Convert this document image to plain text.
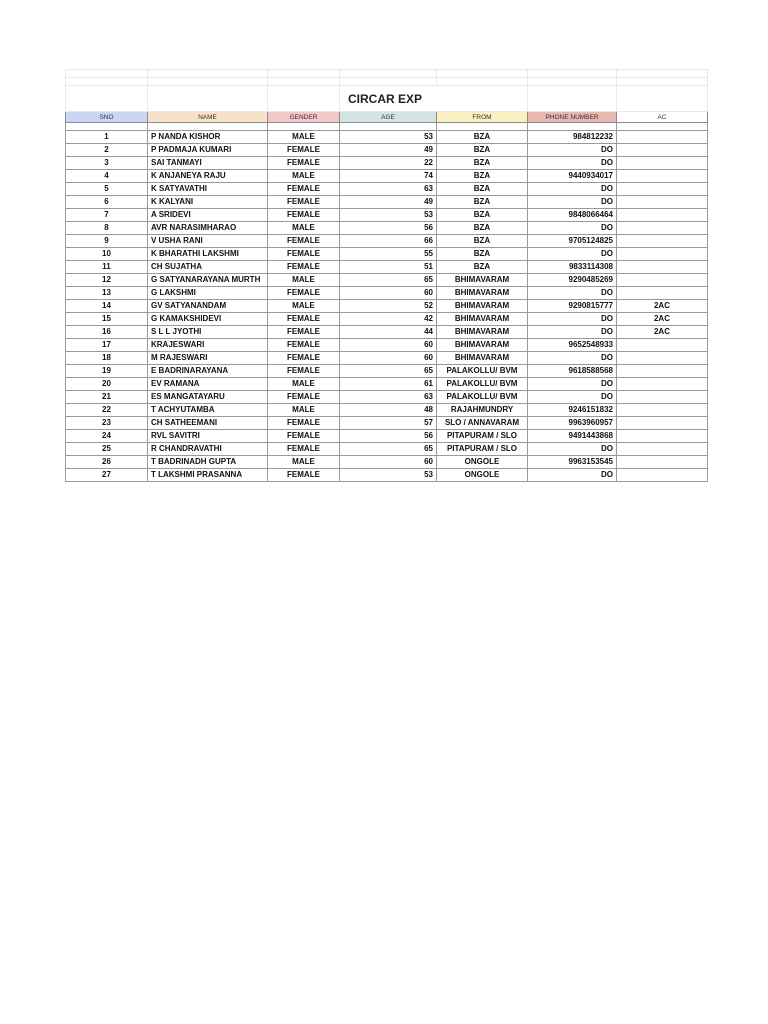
			CIRCAR EXP			
SNO	NAME	GENDER	AGE	FROM	PHONE NUMBER	AC

1	P NANDA KISHOR	MALE	53	BZA	984812232	
2	P PADMAJA KUMARI	FEMALE	49	BZA	DO	
3	SAI TANMAYI	FEMALE	22	BZA	DO	
4	K ANJANEYA RAJU	MALE	74	BZA	9440934017	
5	K SATYAVATHI	FEMALE	63	BZA	DO	
6	K KALYANI	FEMALE	49	BZA	DO	
7	A SRIDEVI	FEMALE	53	BZA	9848066464	
8	AVR NARASIMHARAO	MALE	56	BZA	DO	
9	V USHA RANI	FEMALE	66	BZA	9705124825	
10	K BHARATHI LAKSHMI	FEMALE	55	BZA	DO	
11	CH SUJATHA	FEMALE	51	BZA	9833114308	
12	G SATYANARAYANA MURTH	MALE	65	BHIMAVARAM	9290485269	
13	G LAKSHMI	FEMALE	60	BHIMAVARAM	DO	
14	GV SATYANANDAM	MALE	52	BHIMAVARAM	9290815777	2AC
15	G KAMAKSHIDEVI	FEMALE	42	BHIMAVARAM	DO	2AC
16	S L L JYOTHI	FEMALE	44	BHIMAVARAM	DO	2AC
17	KRAJESWARI	FEMALE	60	BHIMAVARAM	9652548933	
18	M RAJESWARI	FEMALE	60	BHIMAVARAM	DO	
19	E BADRINARAYANA	FEMALE	65	PALAKOLLU/ BVM	9618588568	
20	EV RAMANA	MALE	61	PALAKOLLU/ BVM	DO	
21	ES MANGATAYARU	FEMALE	63	PALAKOLLU/ BVM	DO	
22	T ACHYUTAMBA	MALE	48	RAJAHMUNDRY	9246151832	
23	CH SATHEEMANI	FEMALE	57	SLO / ANNAVARAM	9963960957	
24	RVL SAVITRI	FEMALE	56	PITAPURAM / SLO	9491443868	
25	R CHANDRAVATHI	FEMALE	65	PITAPURAM / SLO	DO	
26	T BADRINADH GUPTA	MALE	60	ONGOLE	9963153545	
27	T LAKSHMI PRASANNA	FEMALE	53	ONGOLE	DO	
